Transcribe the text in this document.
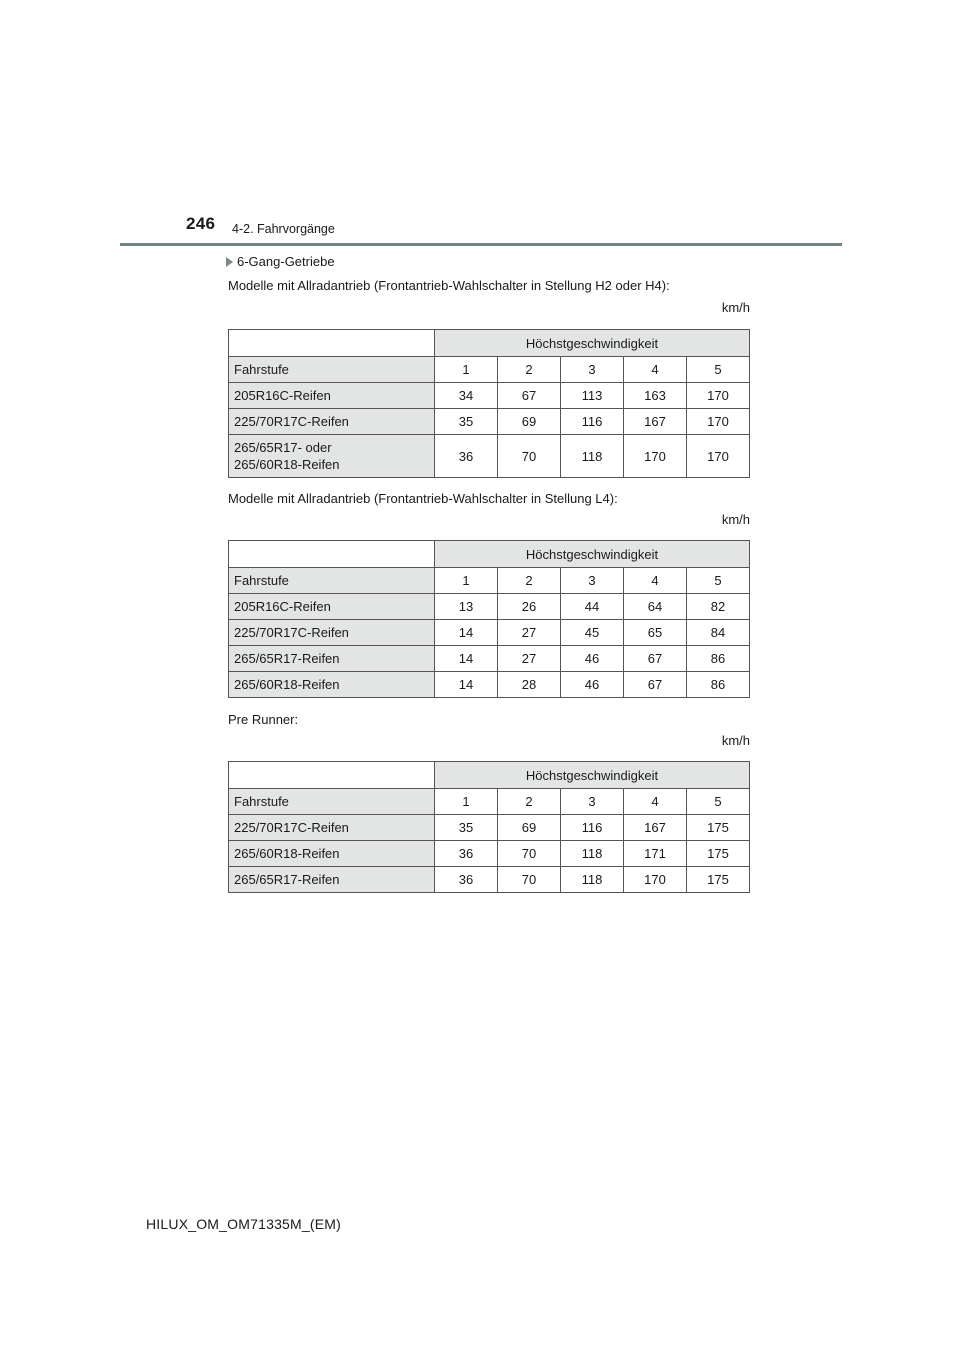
246 4-2. Fahrvorgänge
6-Gang-Getriebe
Modelle mit Allradantrieb (Frontantrieb-Wahlschalter in Stellung H2 oder H4):
km/h
	Höchstgeschwindigkeit				
Fahrstufe	1	2	3	4	5
205R16C-Reifen	34	67	113	163	170
225/70R17C-Reifen	35	69	116	167	170

265/65R17- oder
265/60R18-Reifen	36	70	118	170	170
Modelle mit Allradantrieb (Frontantrieb-Wahlschalter in Stellung L4):
km/h
	Höchstgeschwindigkeit				
Fahrstufe	1	2	3	4	5
205R16C-Reifen	13	26	44	64	82
225/70R17C-Reifen	14	27	45	65	84
265/65R17-Reifen	14	27	46	67	86
265/60R18-Reifen	14	28	46	67	86
Pre Runner:
km/h
	Höchstgeschwindigkeit				
Fahrstufe	1	2	3	4	5
225/70R17C-Reifen	35	69	116	167	175
265/60R18-Reifen	36	70	118	171	175
265/65R17-Reifen	36	70	118	170	175
HILUX_OM_OM71335M_(EM)
